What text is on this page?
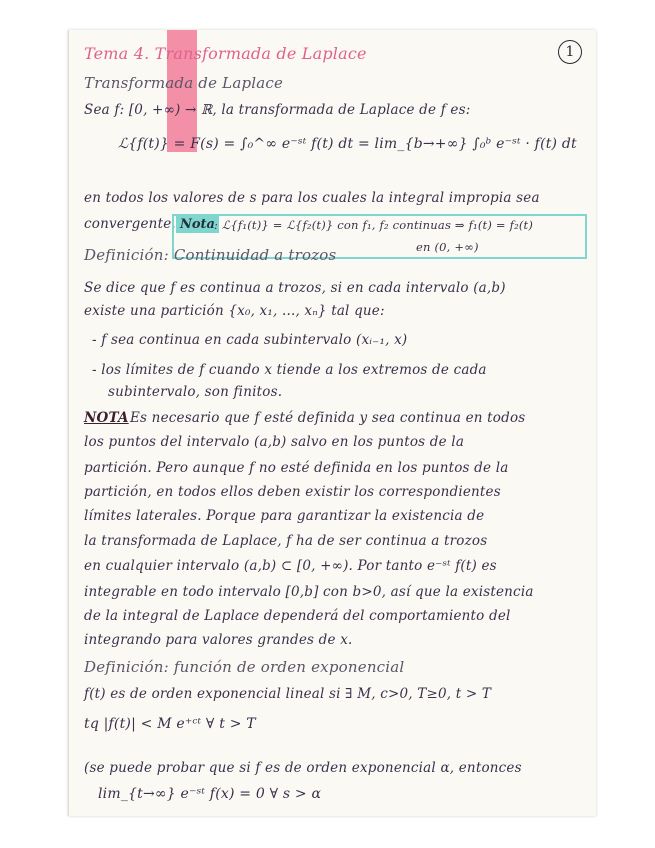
1
Tema 4. Transformada de Laplace
Transformada de Laplace
Sea f: [0, +∞) → ℝ, la transformada de Laplace de f es:
ℒ{f(t)} = F(s) = ∫₀^∞ e⁻ˢᵗ f(t) dt = lim_{b→+∞} ∫₀ᵇ e⁻ˢᵗ · f(t) dt
en todos los valores de s para los cuales la integral impropia sea
convergente. Nota : ℒ{f₁(t)} = ℒ{f₂(t)} con f₁, f₂ continuas ⇒ f₁(t) = f₂(t)
en (0, +∞)
Definición: Continuidad a trozos
Se dice que f es continua a trozos, si en cada intervalo (a,b)
existe una partición {x₀, x₁, ..., xₙ} tal que:
- f sea continua en cada subintervalo (xᵢ₋₁, x)
- los límites de f cuando x tiende a los extremos de cada
subintervalo, son finitos.
NOTA Es necesario que f esté definida y sea continua en todos
los puntos del intervalo (a,b) salvo en los puntos de la
partición. Pero aunque f no esté definida en los puntos de la
partición, en todos ellos deben existir los correspondientes
límites laterales. Porque para garantizar la existencia de
la transformada de Laplace, f ha de ser continua a trozos
en cualquier intervalo (a,b) ⊂ [0, +∞). Por tanto e⁻ˢᵗ f(t) es
integrable en todo intervalo [0,b] con b>0, así que la existencia
de la integral de Laplace dependerá del comportamiento del
integrando para valores grandes de x.
Definición: función de orden exponencial
f(t) es de orden exponencial lineal si ∃ M, c>0, T≥0, t > T
tq |f(t)| < M e⁺ᶜᵗ ∀ t > T
(se puede probar que si f es de orden exponencial α, entonces
lim_{t→∞} e⁻ˢᵗ f(x) = 0 ∀ s > α
